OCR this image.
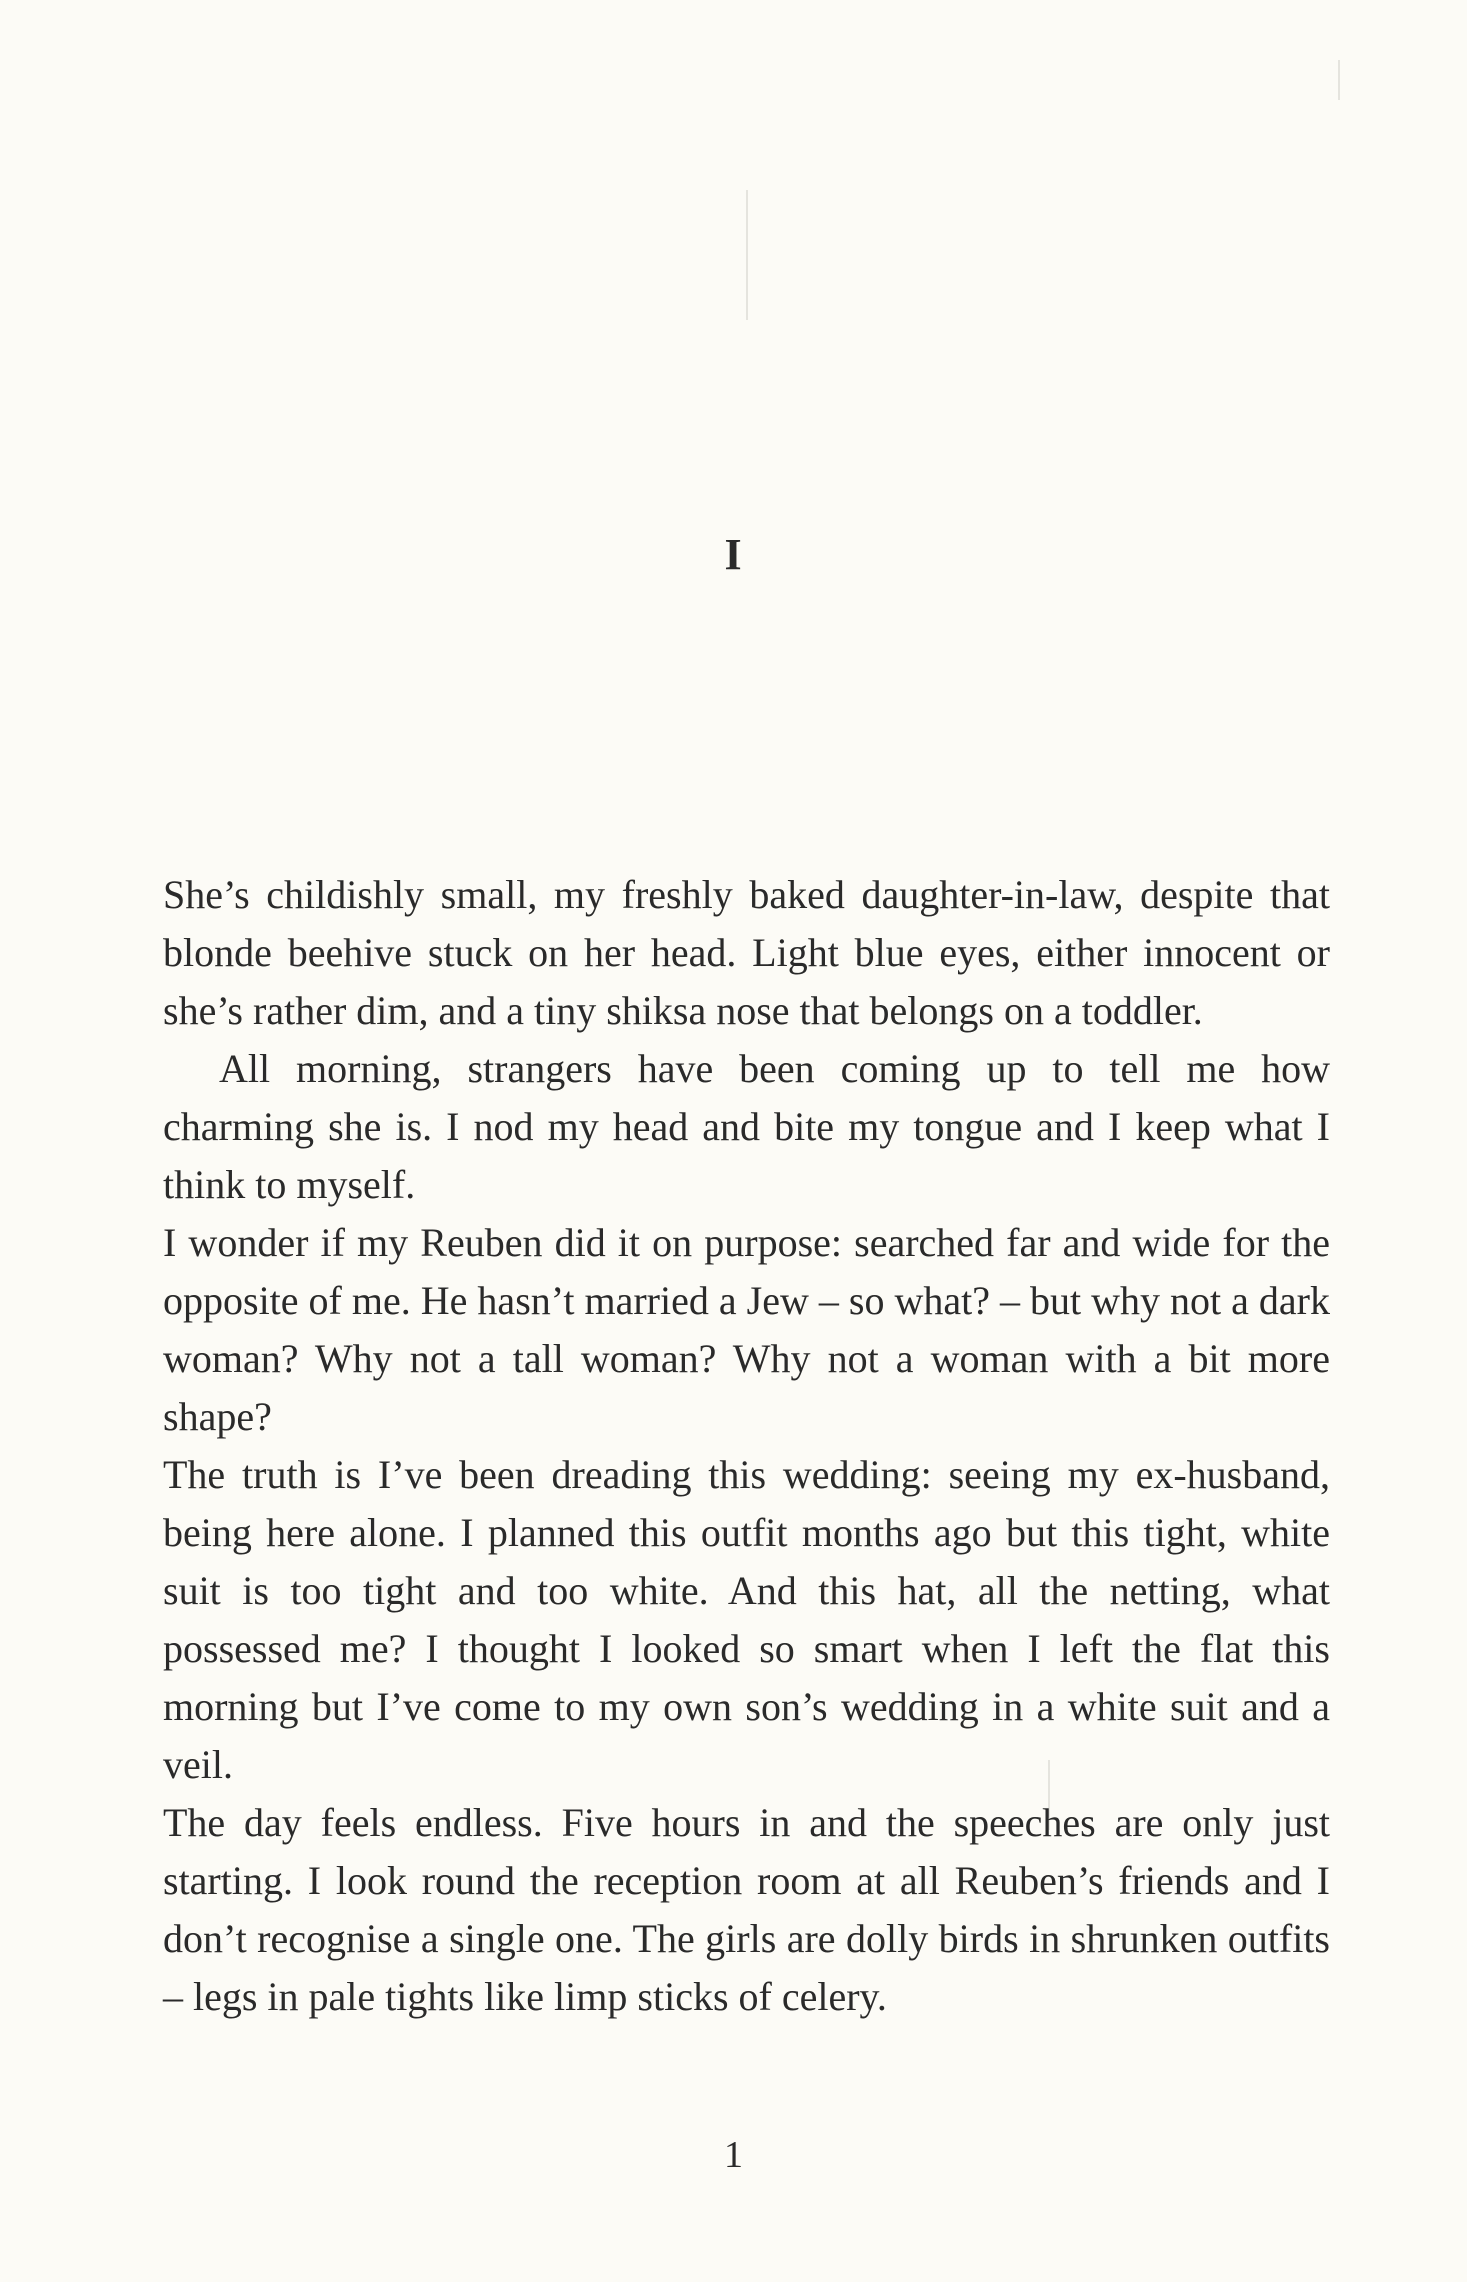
I

She’s childishly small, my freshly baked daughter-in-law, despite that blonde beehive stuck on her head. Light blue eyes, either innocent or she’s rather dim, and a tiny shiksa nose that belongs on a toddler.

All morning, strangers have been coming up to tell me how charming she is. I nod my head and bite my tongue and I keep what I think to myself.

I wonder if my Reuben did it on purpose: searched far and wide for the opposite of me. He hasn’t married a Jew – so what? – but why not a dark woman? Why not a tall woman? Why not a woman with a bit more shape?

The truth is I’ve been dreading this wedding: seeing my ex-husband, being here alone. I planned this outfit months ago but this tight, white suit is too tight and too white. And this hat, all the netting, what possessed me? I thought I looked so smart when I left the flat this morning but I’ve come to my own son’s wedding in a white suit and a veil.

The day feels endless. Five hours in and the speeches are only just starting. I look round the reception room at all Reuben’s friends and I don’t recognise a single one. The girls are dolly birds in shrunken outfits – legs in pale tights like limp sticks of celery.

1
